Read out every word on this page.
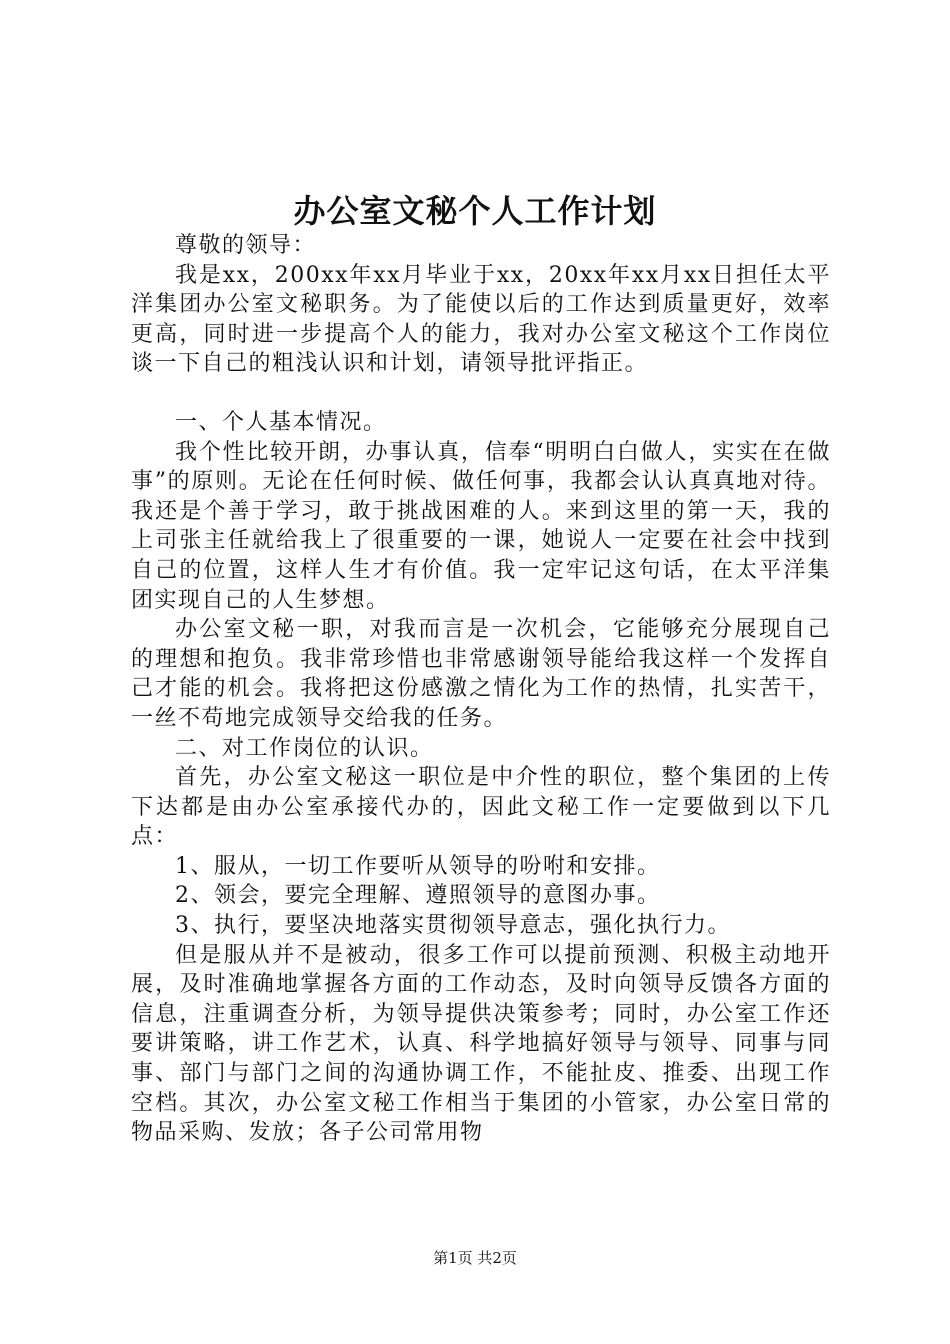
办公室文秘个人工作计划

尊敬的领导：

我是xx，200xx年xx月毕业于xx，20xx年xx月xx日担任太平洋集团办公室文秘职务。为了能使以后的工作达到质量更好，效率更高，同时进一步提高个人的能力，我对办公室文秘这个工作岗位谈一下自己的粗浅认识和计划，请领导批评指正。

一、个人基本情况。

我个性比较开朗，办事认真，信奉“明明白白做人，实实在在做事”的原则。无论在任何时候、做任何事，我都会认认真真地对待。我还是个善于学习，敢于挑战困难的人。来到这里的第一天，我的上司张主任就给我上了很重要的一课，她说人一定要在社会中找到自己的位置，这样人生才有价值。我一定牢记这句话，在太平洋集团实现自己的人生梦想。

办公室文秘一职，对我而言是一次机会，它能够充分展现自己的理想和抱负。我非常珍惜也非常感谢领导能给我这样一个发挥自己才能的机会。我将把这份感激之情化为工作的热情，扎实苦干，一丝不苟地完成领导交给我的任务。

二、对工作岗位的认识。

首先，办公室文秘这一职位是中介性的职位，整个集团的上传下达都是由办公室承接代办的，因此文秘工作一定要做到以下几点：

1、服从，一切工作要听从领导的吩咐和安排。

2、领会，要完全理解、遵照领导的意图办事。

3、执行，要坚决地落实贯彻领导意志，强化执行力。

但是服从并不是被动，很多工作可以提前预测、积极主动地开展，及时准确地掌握各方面的工作动态，及时向领导反馈各方面的信息，注重调查分析，为领导提供决策参考；同时，办公室工作还要讲策略，讲工作艺术，认真、科学地搞好领导与领导、同事与同事、部门与部门之间的沟通协调工作，不能扯皮、推委、出现工作空档。其次，办公室文秘工作相当于集团的小管家，办公室日常的物品采购、发放；各子公司常用物

第1页 共2页
